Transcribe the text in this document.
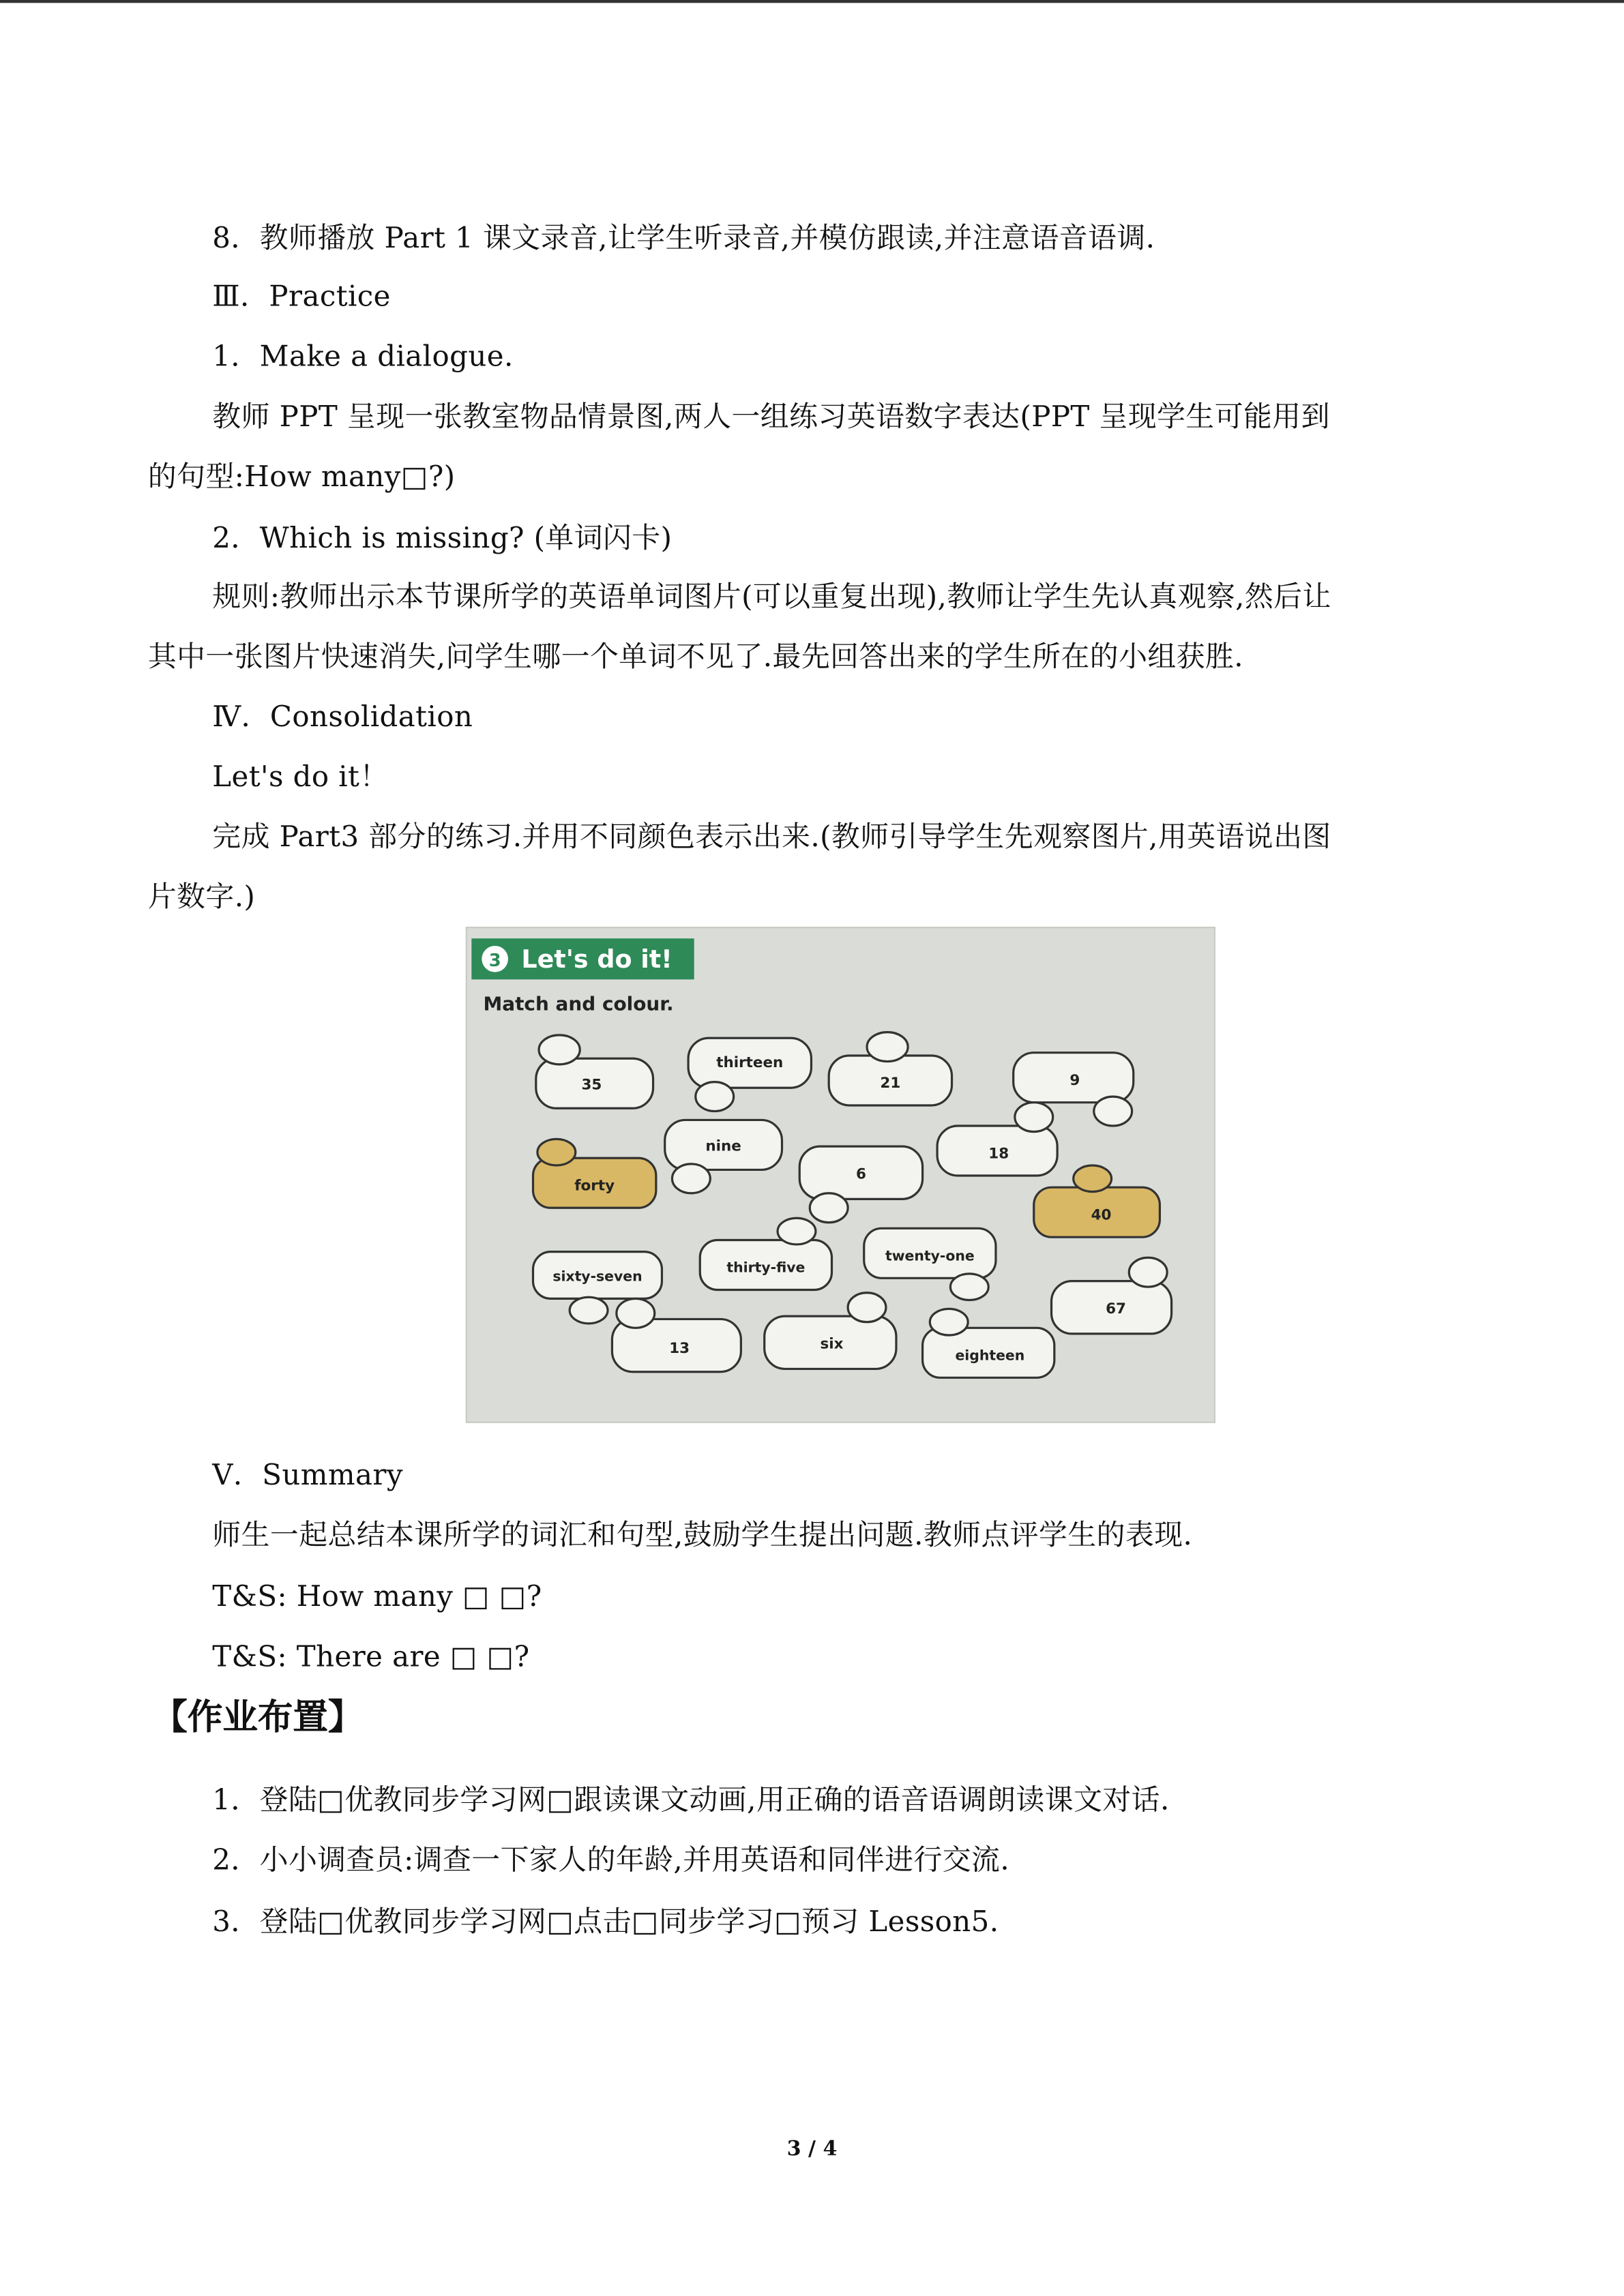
8．教师播放 Part 1 课文录音,让学生听录音,并模仿跟读,并注意语音语调.
Ⅲ．Practice
1．Make a dialogue.
教师 PPT 呈现一张教室物品情景图,两人一组练习英语数字表达(PPT 呈现学生可能用到
的句型:How many□?)
2．Which is missing? (单词闪卡)
规则:教师出示本节课所学的英语单词图片(可以重复出现),教师让学生先认真观察,然后让
其中一张图片快速消失,问学生哪一个单词不见了.最先回答出来的学生所在的小组获胜.
Ⅳ．Consolidation
Let's do it！
完成 Part3 部分的练习.并用不同颜色表示出来.(教师引导学生先观察图片,用英语说出图
片数字.)
3 Let's do it!
Match and colour.
35
thirteen
21	9
nine	18
forty
6
40
sixty-seven
thirty-five
twenty-one
67
13	six
eighteen
Ⅴ．Summary
师生一起总结本课所学的词汇和句型,鼓励学生提出问题.教师点评学生的表现.
T&S: How many □ □?
T&S: There are □ □?
【作业布置】
1．登陆□优教同步学习网□跟读课文动画,用正确的语音语调朗读课文对话.
2．小小调查员:调查一下家人的年龄,并用英语和同伴进行交流.
3．登陆□优教同步学习网□点击□同步学习□预习 Lesson5.
3 / 4
